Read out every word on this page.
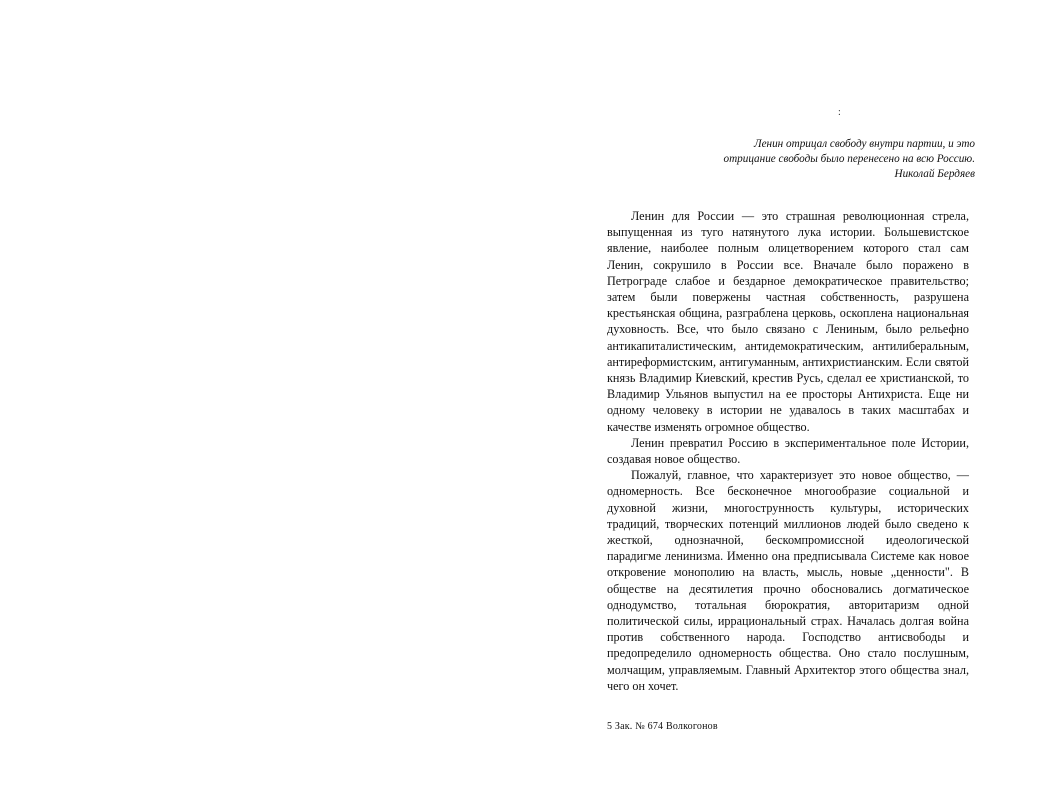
:
Ленин отрицал свободу внутри партии, и это отрицание свободы было перенесено на всю Россию.
Николай Бердяев

Ленин для России — это страшная революционная стрела, выпущенная из туго натянутого лука истории. Большевистское явление, наиболее полным олицетворением которого стал сам Ленин, сокрушило в России все. Вначале было поражено в Петрограде слабое и бездарное демократическое правительство; затем были повержены частная собственность, разрушена крестьянская община, разграблена церковь, оскоплена национальная духовность. Все, что было связано с Лениным, было рельефно антикапиталистическим, антидемократическим, антилиберальным, антиреформистским, антигуманным, антихристианским. Если святой князь Владимир Киевский, крестив Русь, сделал ее христианской, то Владимир Ульянов выпустил на ее просторы Антихриста. Еще ни одному человеку в истории не удавалось в таких масштабах и качестве изменять огромное общество.

Ленин превратил Россию в экспериментальное поле Истории, создавая новое общество.

Пожалуй, главное, что характеризует это новое общество, — одномерность. Все бесконечное многообразие социальной и духовной жизни, многострунность культуры, исторических традиций, творческих потенций миллионов людей было сведено к жесткой, однозначной, бескомпромиссной идеологической парадигме ленинизма. Именно она предписывала Системе как новое откровение монополию на власть, мысль, новые „ценности". В обществе на десятилетия прочно обосновались догматическое однодумство, тотальная бюрократия, авторитаризм одной политической силы, иррациональный страх. Началась долгая война против собственного народа. Господство антисвободы и предопределило одномерность общества. Оно стало послушным, молчащим, управляемым. Главный Архитектор этого общества знал, чего он хочет.

5 Зак. № 674 Волкогонов
